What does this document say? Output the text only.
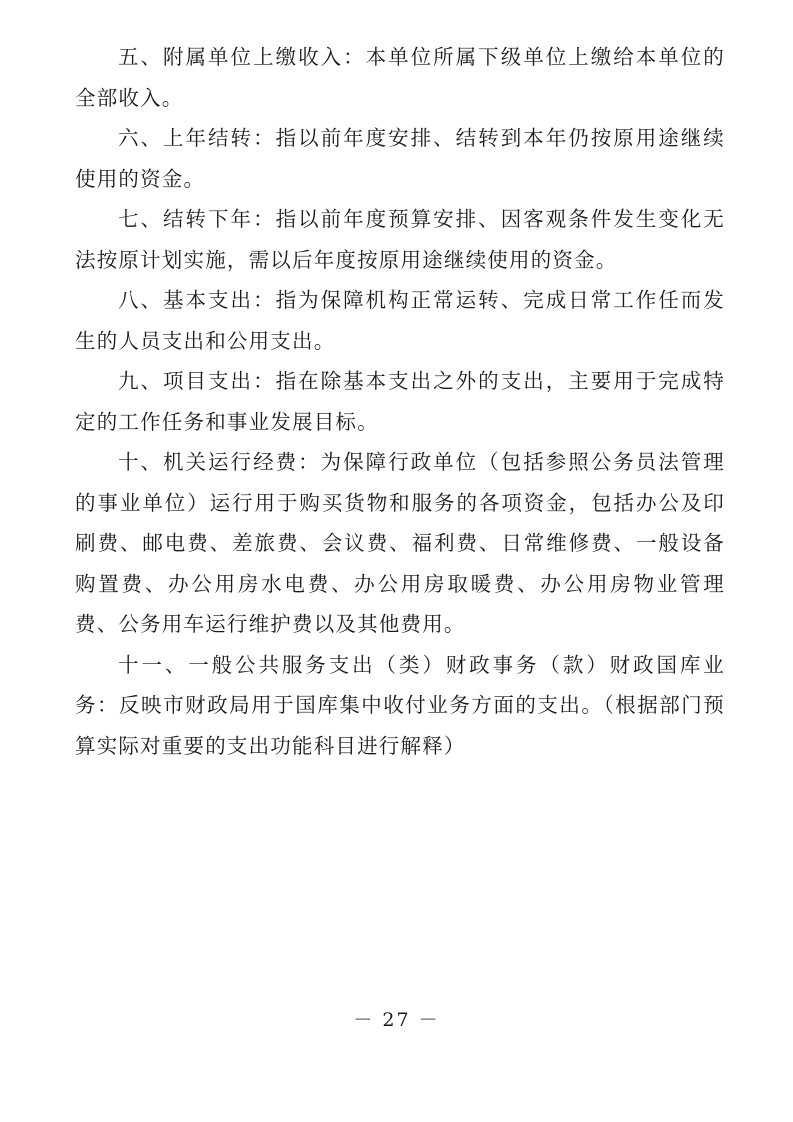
五、附属单位上缴收入：本单位所属下级单位上缴给本单位的全部收入。

六、上年结转：指以前年度安排、结转到本年仍按原用途继续使用的资金。

七、结转下年：指以前年度预算安排、因客观条件发生变化无法按原计划实施，需以后年度按原用途继续使用的资金。

八、基本支出：指为保障机构正常运转、完成日常工作任而发生的人员支出和公用支出。

九、项目支出：指在除基本支出之外的支出，主要用于完成特定的工作任务和事业发展目标。

十、机关运行经费：为保障行政单位（包括参照公务员法管理的事业单位）运行用于购买货物和服务的各项资金，包括办公及印刷费、邮电费、差旅费、会议费、福利费、日常维修费、一般设备购置费、办公用房水电费、办公用房取暖费、办公用房物业管理费、公务用车运行维护费以及其他费用。

十一、一般公共服务支出（类）财政事务（款）财政国库业务：反映市财政局用于国库集中收付业务方面的支出。（根据部门预算实际对重要的支出功能科目进行解释）

－ 27 －
